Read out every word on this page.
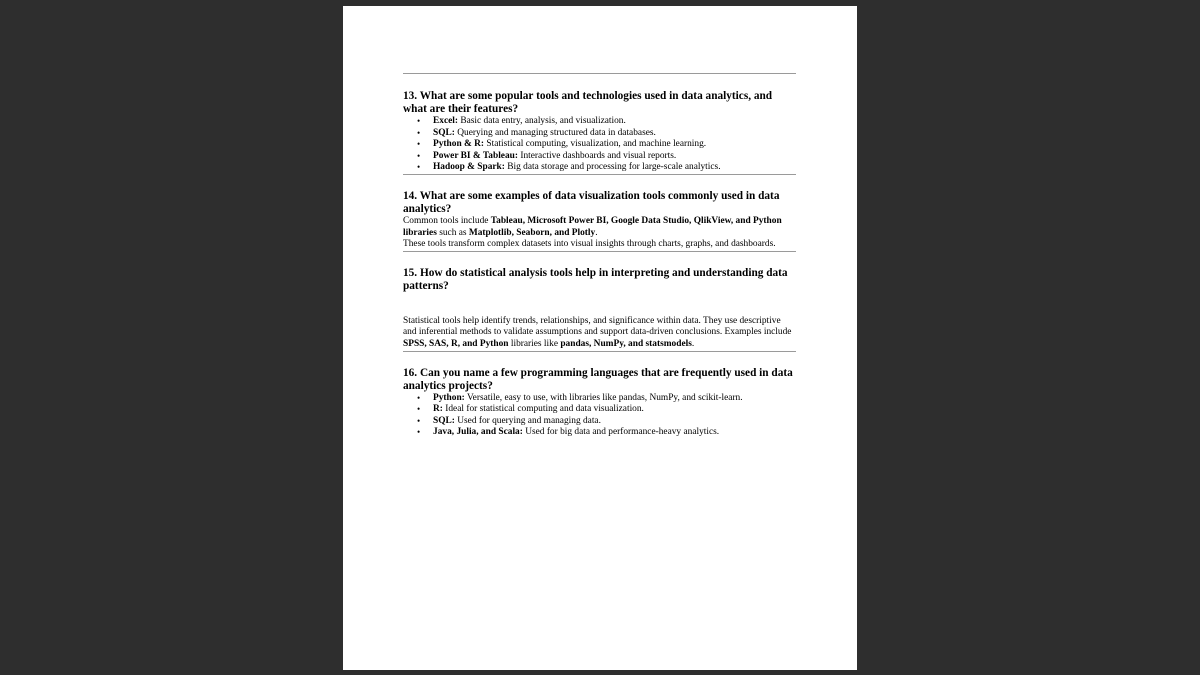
13. What are some popular tools and technologies used in data analytics, and what are their features?

• Excel: Basic data entry, analysis, and visualization.
• SQL: Querying and managing structured data in databases.
• Python & R: Statistical computing, visualization, and machine learning.
• Power BI & Tableau: Interactive dashboards and visual reports.
• Hadoop & Spark: Big data storage and processing for large-scale analytics.

14. What are some examples of data visualization tools commonly used in data analytics?

Common tools include Tableau, Microsoft Power BI, Google Data Studio, QlikView, and Python libraries such as Matplotlib, Seaborn, and Plotly.

These tools transform complex datasets into visual insights through charts, graphs, and dashboards.

15. How do statistical analysis tools help in interpreting and understanding data patterns?

Statistical tools help identify trends, relationships, and significance within data. They use descriptive and inferential methods to validate assumptions and support data-driven conclusions. Examples include SPSS, SAS, R, and Python libraries like pandas, NumPy, and statsmodels.

16. Can you name a few programming languages that are frequently used in data analytics projects?

• Python: Versatile, easy to use, with libraries like pandas, NumPy, and scikit-learn.
• R: Ideal for statistical computing and data visualization.
• SQL: Used for querying and managing data.
• Java, Julia, and Scala: Used for big data and performance-heavy analytics.
